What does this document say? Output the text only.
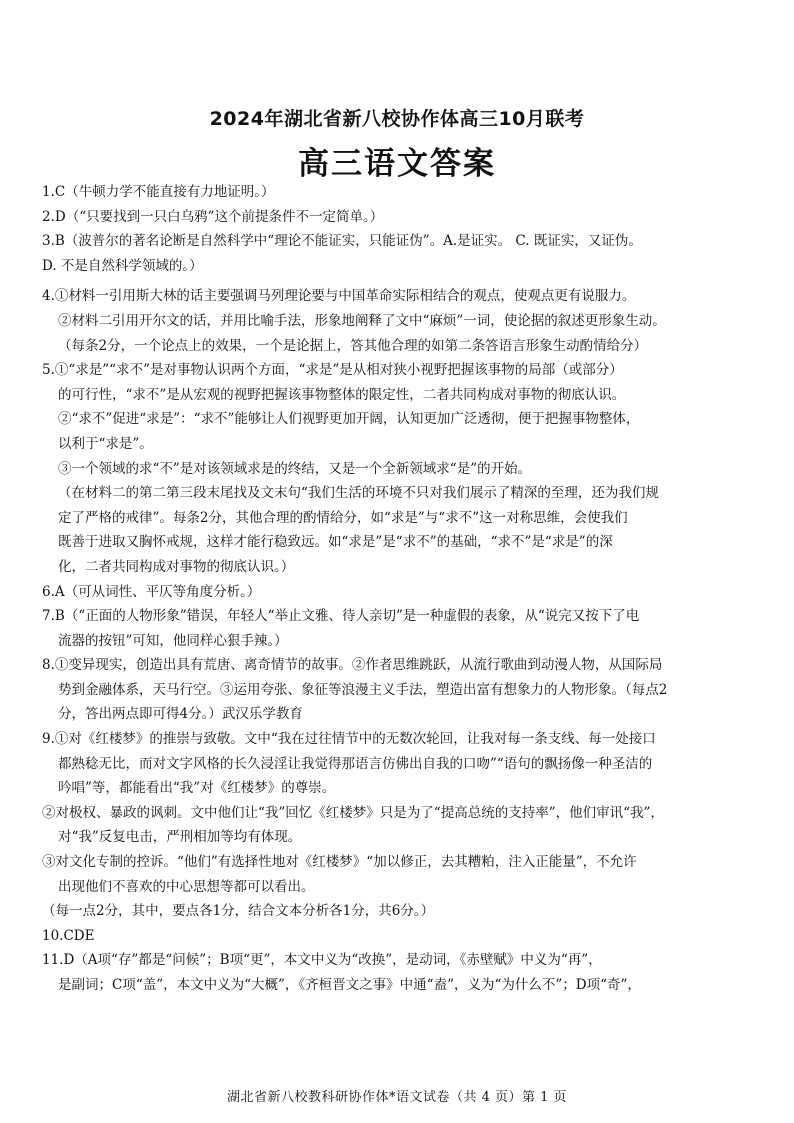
2024年湖北省新八校协作体高三10月联考
高三语文答案

1.C（牛顿力学不能直接有力地证明。）

2.D（“只要找到一只白乌鸦”这个前提条件不一定简单。）

3.B（波普尔的著名论断是自然科学中“理论不能证实，只能证伪”。A.是证实。 C. 既证实，又证伪。

D. 不是自然科学领域的。）

4.①材料一引用斯大林的话主要强调马列理论要与中国革命实际相结合的观点，使观点更有说服力。

②材料二引用开尔文的话，并用比喻手法，形象地阐释了文中“麻烦”一词，使论据的叙述更形象生动。

（每条2分，一个论点上的效果，一个是论据上，答其他合理的如第二条答语言形象生动酌情给分）

5.①“求是”“求不”是对事物认识两个方面，“求是”是从相对狭小视野把握该事物的局部（或部分）

的可行性，“求不”是从宏观的视野把握该事物整体的限定性，二者共同构成对事物的彻底认识。

②“求不”促进“求是”：“求不”能够让人们视野更加开阔，认知更加广泛透彻，便于把握事物整体，

以利于“求是”。

③一个领域的求“不”是对该领域求是的终结，又是一个全新领域求“是”的开始。

（在材料二的第二第三段末尾找及文末句“我们生活的环境不只对我们展示了精深的至理，还为我们规

定了严格的戒律”。每条2分，其他合理的酌情给分，如“求是”与“求不”这一对称思维，会使我们

既善于进取又胸怀戒规，这样才能行稳致远。如“求是”是“求不”的基础，“求不”是“求是”的深

化，二者共同构成对事物的彻底认识。）

6.A（可从词性、平仄等角度分析。）

7.B（“正面的人物形象”错误，年轻人“举止文雅、待人亲切”是一种虚假的表象，从“说完又按下了电

流器的按钮”可知，他同样心狠手辣。）

8.①变异现实，创造出具有荒唐、离奇情节的故事。②作者思维跳跃，从流行歌曲到动漫人物，从国际局

势到金融体系，天马行空。③运用夸张、象征等浪漫主义手法，塑造出富有想象力的人物形象。（每点2

分，答出两点即可得4分。）武汉乐学教育

9.①对《红楼梦》的推崇与致敬。文中“我在过往情节中的无数次轮回，让我对每一条支线、每一处接口

都熟稔无比，而对文字风格的长久浸淫让我觉得那语言仿佛出自我的口吻”“语句的飘扬像一种圣洁的

吟唱”等，都能看出“我”对《红楼梦》的尊崇。

②对极权、暴政的讽刺。文中他们让“我”回忆《红楼梦》只是为了“提高总统的支持率”，他们审讯“我”，

对“我”反复电击，严刑相加等均有体现。

③对文化专制的控诉。“他们”有选择性地对《红楼梦》“加以修正，去其糟粕，注入正能量”，不允许

出现他们不喜欢的中心思想等都可以看出。

（每一点2分，其中，要点各1分，结合文本分析各1分，共6分。）

10.CDE

11.D（A项“存”都是“问候”；B项“更”，本文中义为“改换”，是动词，《赤壁赋》中义为“再”，

是副词；C项“盖”，本文中义为“大概”，《齐桓晋文之事》中通“盍”，义为“为什么不”；D项“奇”，

湖北省新八校教科研协作体*语文试卷（共 4 页）第 1 页
